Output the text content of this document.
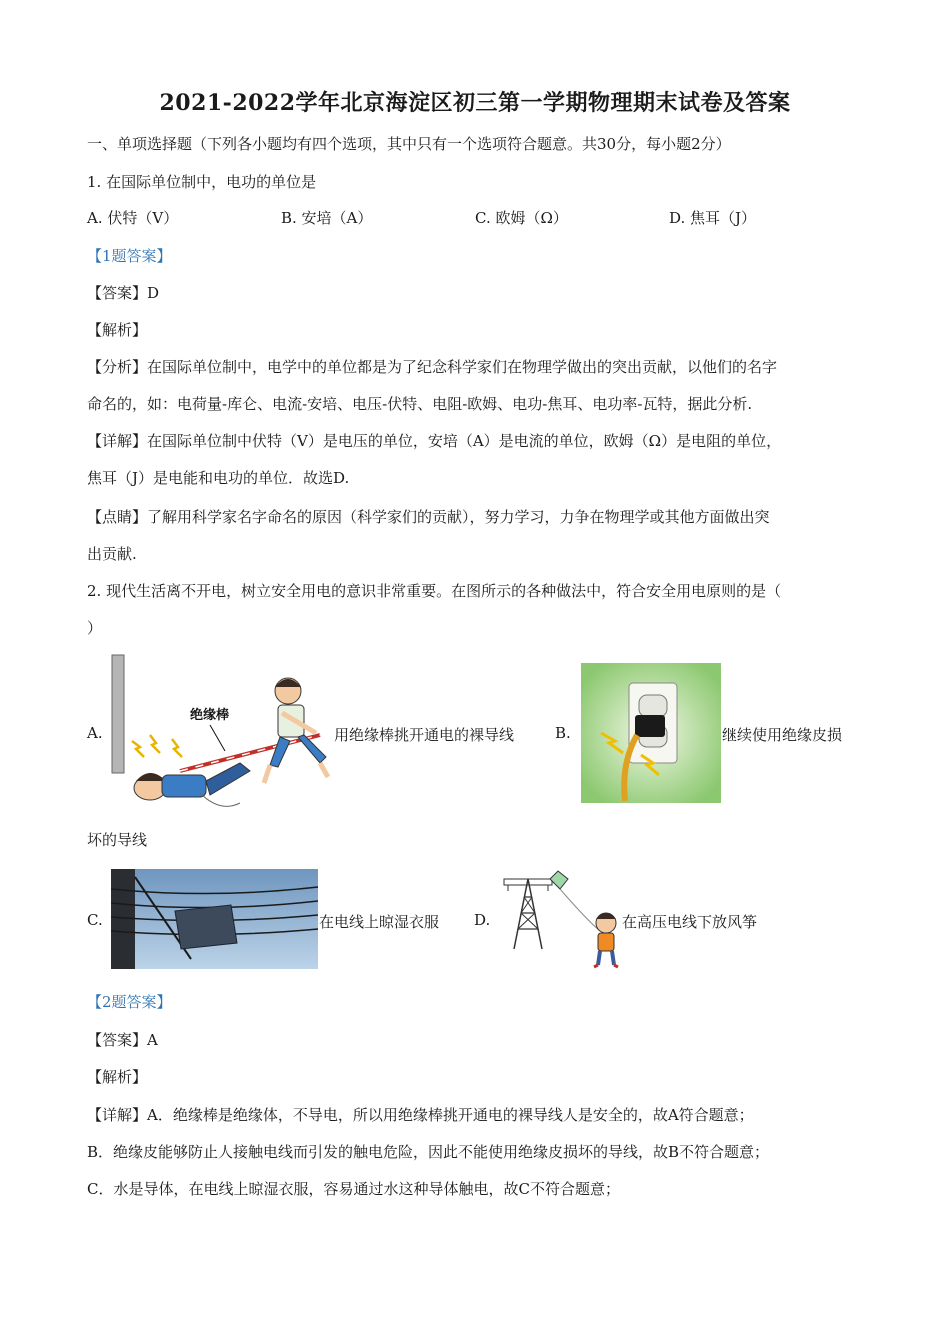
2021-2022学年北京海淀区初三第一学期物理期末试卷及答案
一、单项选择题（下列各小题均有四个选项，其中只有一个选项符合题意。共30分，每小题2分）
1. 在国际单位制中，电功的单位是
A. 伏特（V）	B. 安培（A）	C. 欧姆（Ω）	D. 焦耳（J）
【1题答案】
【答案】D
【解析】
【分析】在国际单位制中，电学中的单位都是为了纪念科学家们在物理学做出的突出贡献，以他们的名字
命名的，如：电荷量-库仑、电流-安培、电压-伏特、电阻-欧姆、电功-焦耳、电功率-瓦特，据此分析.
【详解】在国际单位制中伏特（V）是电压的单位，安培（A）是电流的单位，欧姆（Ω）是电阻的单位，
焦耳（J）是电能和电功的单位．故选D.
【点睛】了解用科学家名字命名的原因（科学家们的贡献），努力学习，力争在物理学或其他方面做出突
出贡献.
2. 现代生活离不开电，树立安全用电的意识非常重要。在图所示的各种做法中，符合安全用电原则的是（
）
A.
绝缘棒
用绝缘棒挑开通电的裸导线	B.	继续使用绝缘皮损
坏的导线
C.	在电线上晾湿衣服 D.	在高压电线下放风筝
【2题答案】
【答案】A
【解析】
【详解】A．绝缘棒是绝缘体，不导电，所以用绝缘棒挑开通电的裸导线人是安全的，故A符合题意；
B．绝缘皮能够防止人接触电线而引发的触电危险，因此不能使用绝缘皮损坏的导线，故B不符合题意；
C．水是导体，在电线上晾湿衣服，容易通过水这种导体触电，故C不符合题意；
